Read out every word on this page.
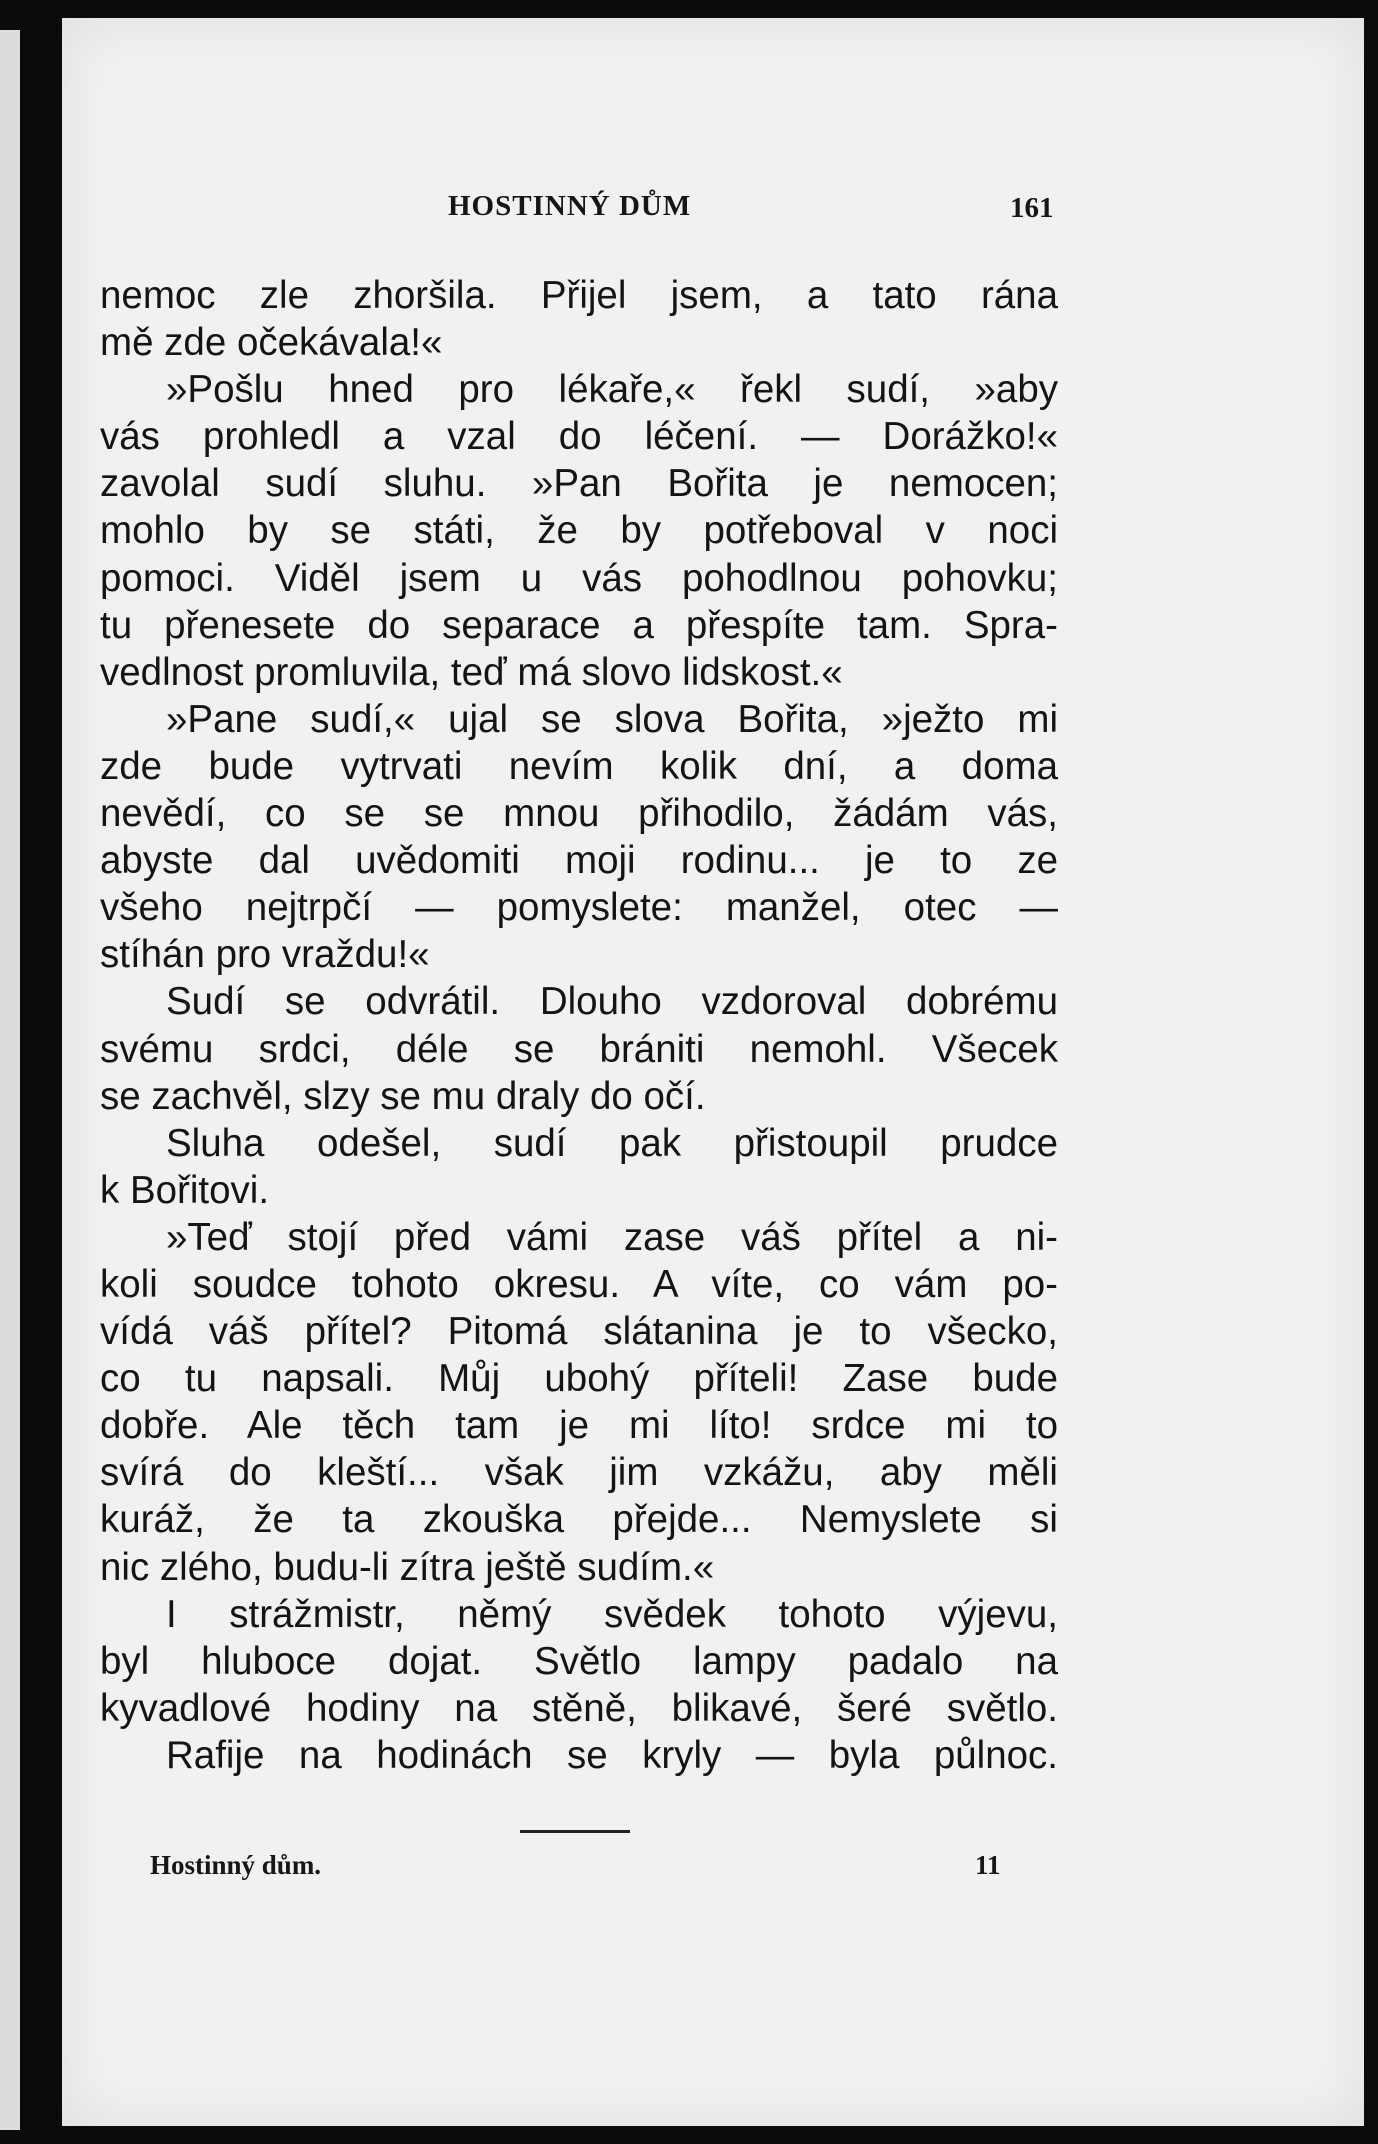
HOSTINNÝ DŮM	161
nemoc zle zhoršila. Přijel jsem, a tato rána
mě zde očekávala!«
»Pošlu hned pro lékaře,« řekl sudí, »aby
vás prohledl a vzal do léčení. — Dorážko!«
zavolal sudí sluhu. »Pan Bořita je nemocen;
mohlo by se státi, že by potřeboval v noci
pomoci. Viděl jsem u vás pohodlnou pohovku;
tu přenesete do separace a přespíte tam. Spra-
vedlnost promluvila, teď má slovo lidskost.«
»Pane sudí,« ujal se slova Bořita, »ježto mi
zde bude vytrvati nevím kolik dní, a doma
nevědí, co se se mnou přihodilo, žádám vás,
abyste dal uvědomiti moji rodinu... je to ze
všeho nejtrpčí — pomyslete: manžel, otec —
stíhán pro vraždu!«
Sudí se odvrátil. Dlouho vzdoroval dobrému
svému srdci, déle se brániti nemohl. Všecek
se zachvěl, slzy se mu draly do očí.
Sluha odešel, sudí pak přistoupil prudce
k Bořitovi.
»Teď stojí před vámi zase váš přítel a ni-
koli soudce tohoto okresu. A víte, co vám po-
vídá váš přítel? Pitomá slátanina je to všecko,
co tu napsali. Můj ubohý příteli! Zase bude
dobře. Ale těch tam je mi líto! srdce mi to
svírá do kleští... však jim vzkážu, aby měli
kuráž, že ta zkouška přejde... Nemyslete si
nic zlého, budu-li zítra ještě sudím.«
I strážmistr, němý svědek tohoto výjevu,
byl hluboce dojat. Světlo lampy padalo na
kyvadlové hodiny na stěně, blikavé, šeré světlo.
Rafije na hodinách se kryly — byla půlnoc.
Hostinný dům.	11
